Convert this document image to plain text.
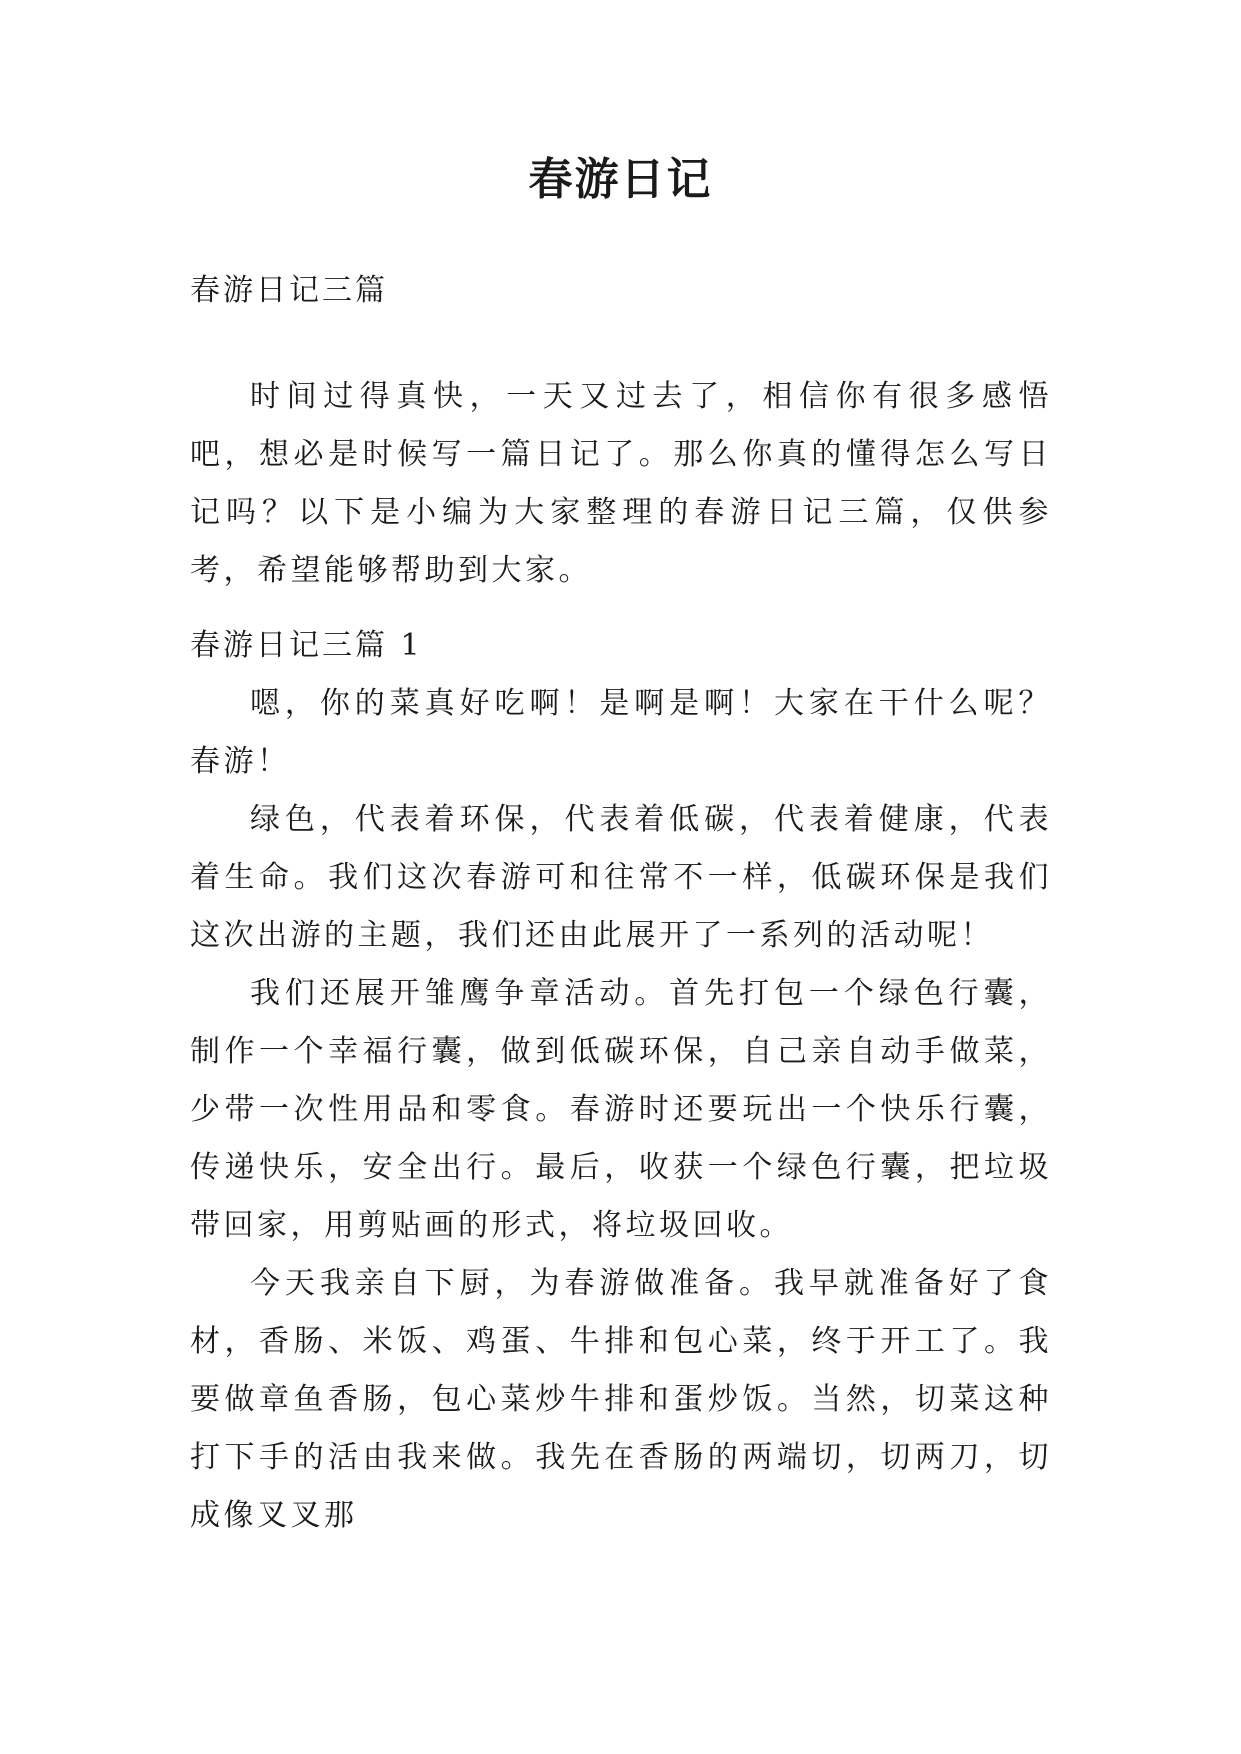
春游日记
春游日记三篇

时间过得真快，一天又过去了，相信你有很多感悟吧，想必是时候写一篇日记了。那么你真的懂得怎么写日记吗？以下是小编为大家整理的春游日记三篇，仅供参考，希望能够帮助到大家。

春游日记三篇 1

嗯，你的菜真好吃啊！是啊是啊！大家在干什么呢？春游！

绿色，代表着环保，代表着低碳，代表着健康，代表着生命。我们这次春游可和往常不一样，低碳环保是我们这次出游的主题，我们还由此展开了一系列的活动呢！

我们还展开雏鹰争章活动。首先打包一个绿色行囊，制作一个幸福行囊，做到低碳环保，自己亲自动手做菜，少带一次性用品和零食。春游时还要玩出一个快乐行囊，传递快乐，安全出行。最后，收获一个绿色行囊，把垃圾带回家，用剪贴画的形式，将垃圾回收。

今天我亲自下厨，为春游做准备。我早就准备好了食材，香肠、米饭、鸡蛋、牛排和包心菜，终于开工了。我要做章鱼香肠，包心菜炒牛排和蛋炒饭。当然，切菜这种打下手的活由我来做。我先在香肠的两端切，切两刀，切成像叉叉那
